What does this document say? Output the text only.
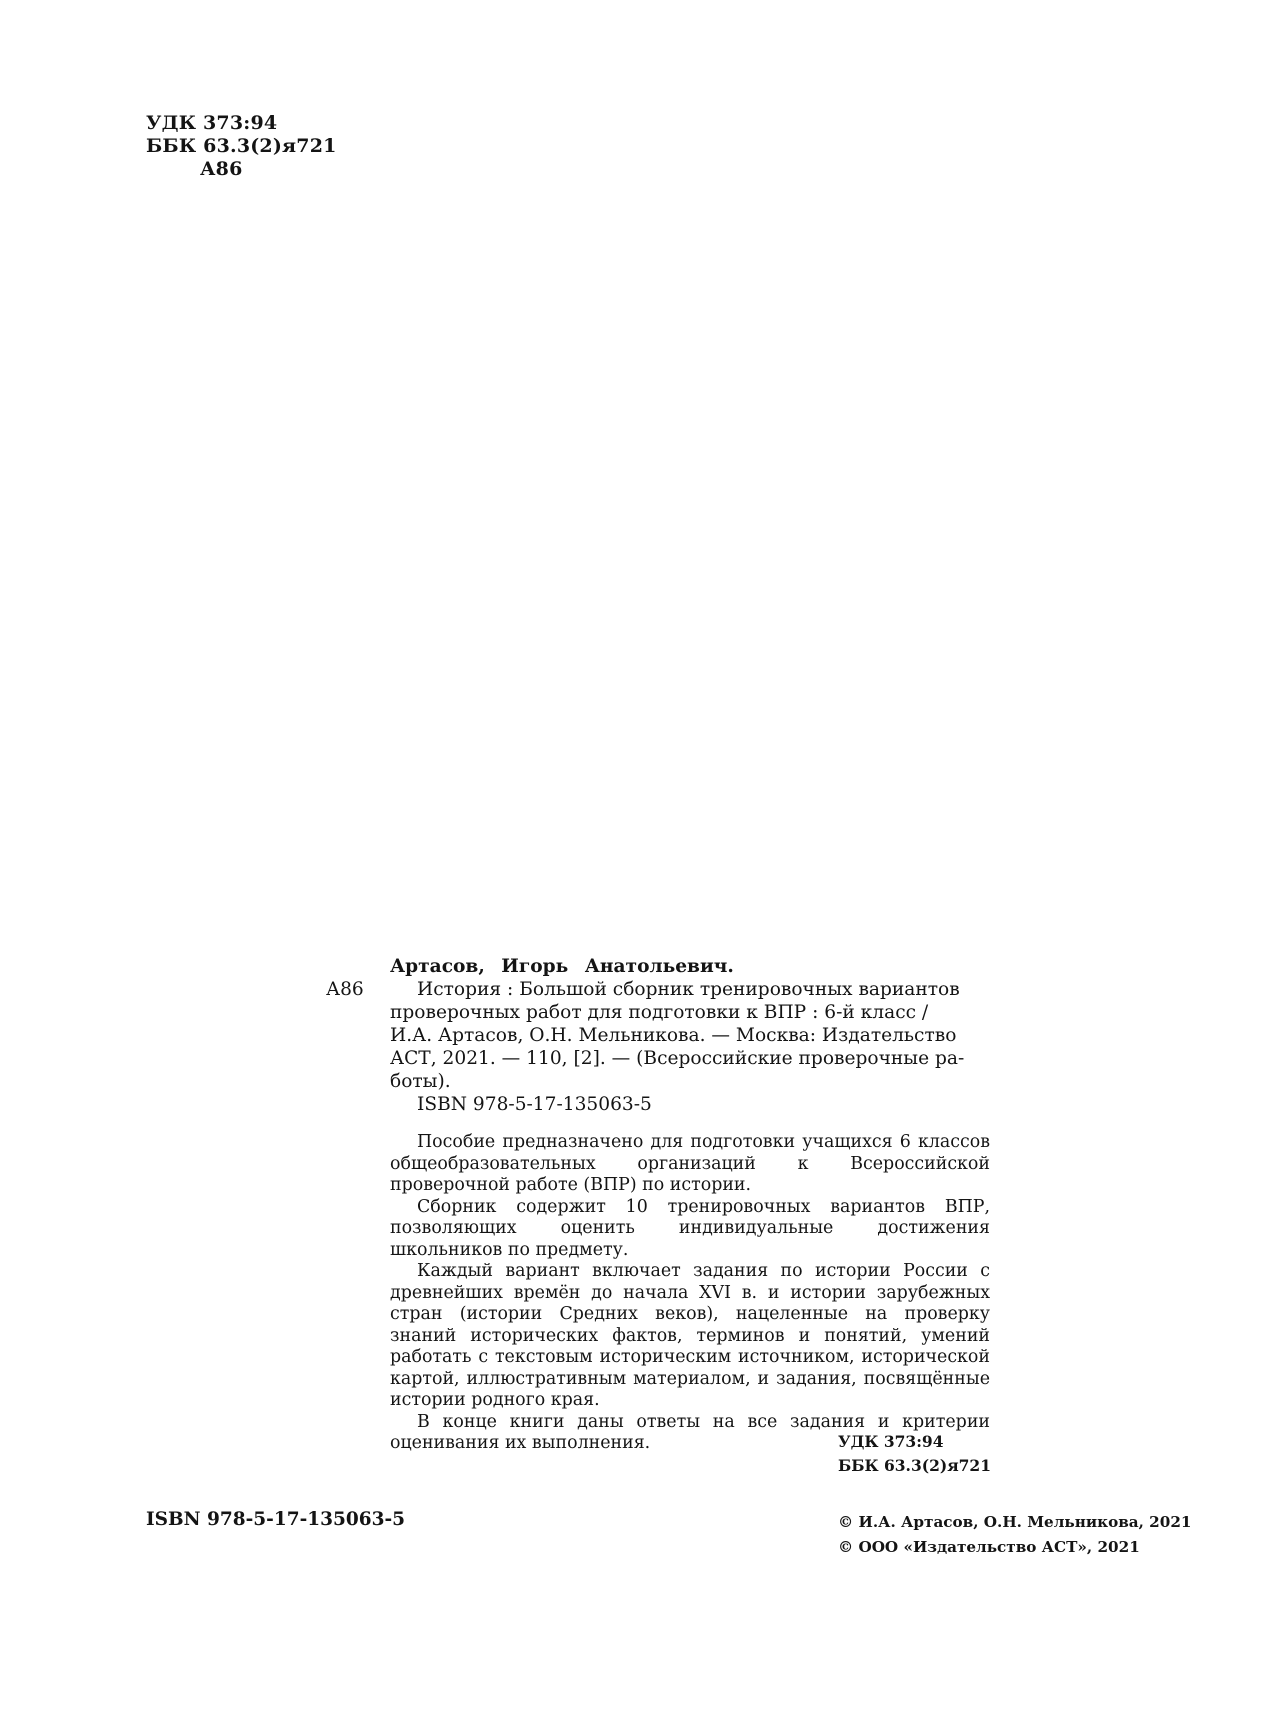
УДК 373:94
ББК 63.3(2)я721
А86
Артасов, Игорь Анатольевич.
А86	История : Большой сборник тренировочных вариантов
проверочных работ для подготовки к ВПР : 6-й класс /
И.А. Артасов, О.Н. Мельникова. — Москва: Издательство
АСТ, 2021. — 110, [2]. — (Всероссийские проверочные ра-
боты).
ISBN 978-5-17-135063-5

Пособие предназначено для подготовки учащихся 6 классов общеобразовательных организаций к Всероссийской проверочной работе (ВПР) по истории.

Сборник содержит 10 тренировочных вариантов ВПР, позволяющих оценить индивидуальные достижения школьников по предмету.

Каждый вариант включает задания по истории России с древнейших времён до начала XVI в. и истории зарубежных стран (истории Средних веков), нацеленные на проверку знаний исторических фактов, терминов и понятий, умений работать с текстовым историческим источником, исторической картой, иллюстративным материалом, и задания, посвящённые истории родного края.

В конце книги даны ответы на все задания и критерии оценивания их выполнения.	УДК 373:94
ББК 63.3(2)я721
ISBN 978-5-17-135063-5	© И.А. Артасов, О.Н. Мельникова, 2021
© ООО «Издательство АСТ», 2021
